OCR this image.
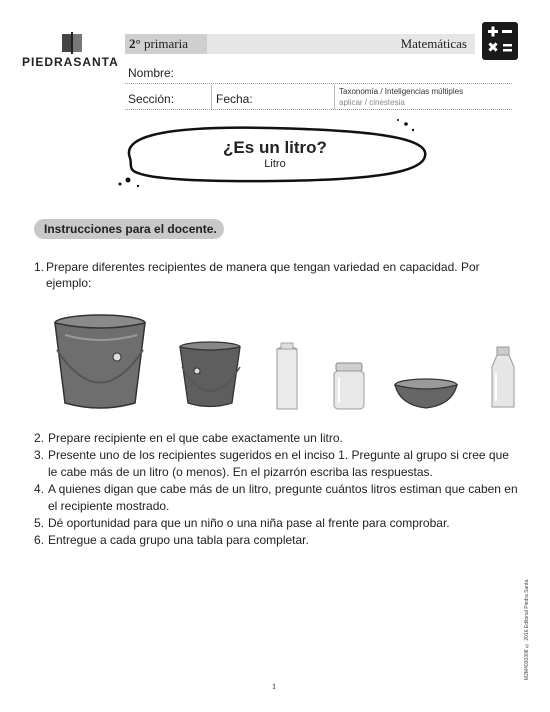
PIEDRASANTA
2° primaria	Matemáticas
Nombre:
Sección:	Fecha:
Taxonomía / Inteligencias múltiples
aplicar / cinestesia
¿Es un litro?
Litro
Instrucciones para el docente.
1. Prepare diferentes recipientes de manera que tengan variedad en capacidad. Por ejemplo:
2. Prepare recipiente en el que cabe exactamente un litro.
3. Presente uno de los recipientes sugeridos en el inciso 1. Pregunte al grupo si cree que le cabe más de un litro (o menos). En el pizarrón escriba las respuestas.
4. A quienes digan que cabe más de un litro, pregunte cuántos litros estiman que caben en el recipiente mostrado.
5. Dé oportunidad para que un niño o una niña pase al frente para comprobar.
6. Entregue a cada grupo una tabla para completar.
M2M4030308 © 2016 Editorial Piedra Santa.
1
